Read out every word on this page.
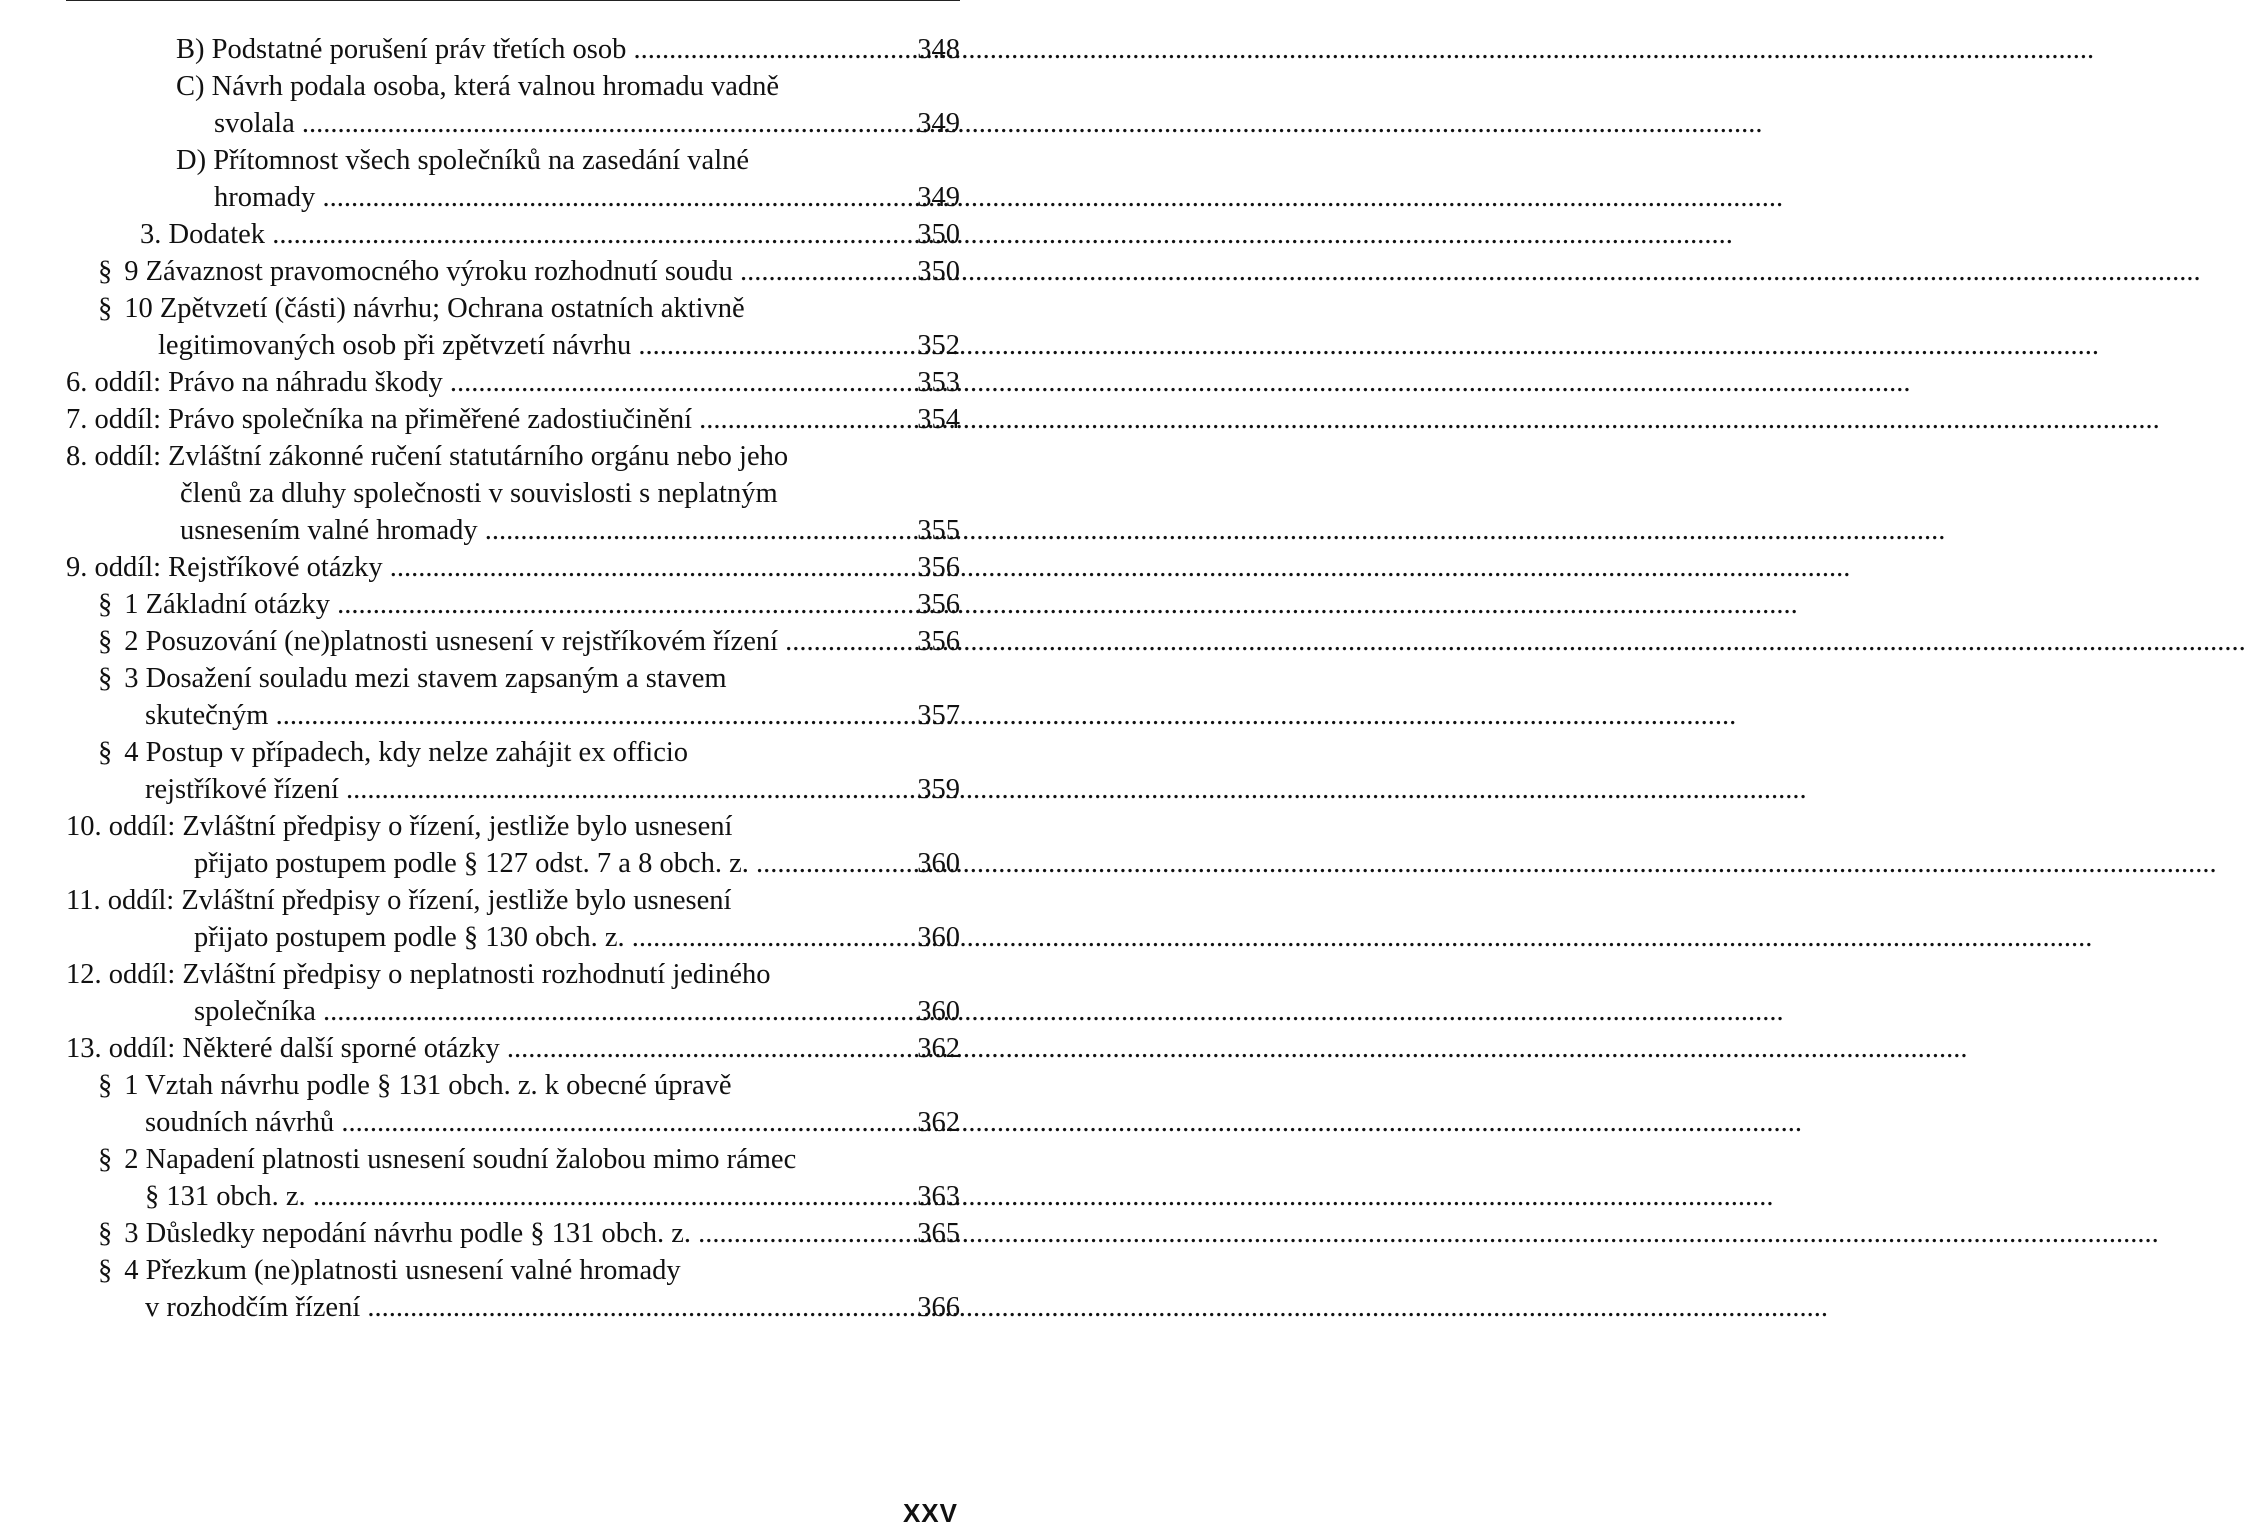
B) Podstatné porušení práv třetích osob .....	348
C) Návrh podala osoba, která valnou hromadu vadně
svolala .....	349
D) Přítomnost všech společníků na zasedání valné
hromady .....	349
3. Dodatek .....	350
§ 9 Závaznost pravomocného výroku rozhodnutí soudu .....	350
§ 10 Zpětvzetí (části) návrhu; Ochrana ostatních aktivně
legitimovaných osob při zpětvzetí návrhu .....	352
6. oddíl: Právo na náhradu škody .....	353
7. oddíl: Právo společníka na přiměřené zadostiučinění .....	354
8. oddíl: Zvláštní zákonné ručení statutárního orgánu nebo jeho
členů za dluhy společnosti v souvislosti s neplatným
usnesením valné hromady .....	355
9. oddíl: Rejstříkové otázky .....	356
§ 1 Základní otázky .....	356
§ 2 Posuzování (ne)platnosti usnesení v rejstříkovém řízení .....	356
§ 3 Dosažení souladu mezi stavem zapsaným a stavem
skutečným .....	357
§ 4 Postup v případech, kdy nelze zahájit ex officio
rejstříkové řízení .....	359
10. oddíl: Zvláštní předpisy o řízení, jestliže bylo usnesení
přijato postupem podle § 127 odst. 7 a 8 obch. z. .....	360
11. oddíl: Zvláštní předpisy o řízení, jestliže bylo usnesení
přijato postupem podle § 130 obch. z. .....	360
12. oddíl: Zvláštní předpisy o neplatnosti rozhodnutí jediného
společníka .....	360
13. oddíl: Některé další sporné otázky .....	362
§ 1 Vztah návrhu podle § 131 obch. z. k obecné úpravě
soudních návrhů .....	362
§ 2 Napadení platnosti usnesení soudní žalobou mimo rámec
§ 131 obch. z. .....	363
§ 3 Důsledky nepodání návrhu podle § 131 obch. z. .....	365
§ 4 Přezkum (ne)platnosti usnesení valné hromady
v rozhodčím řízení .....	366
XXV
